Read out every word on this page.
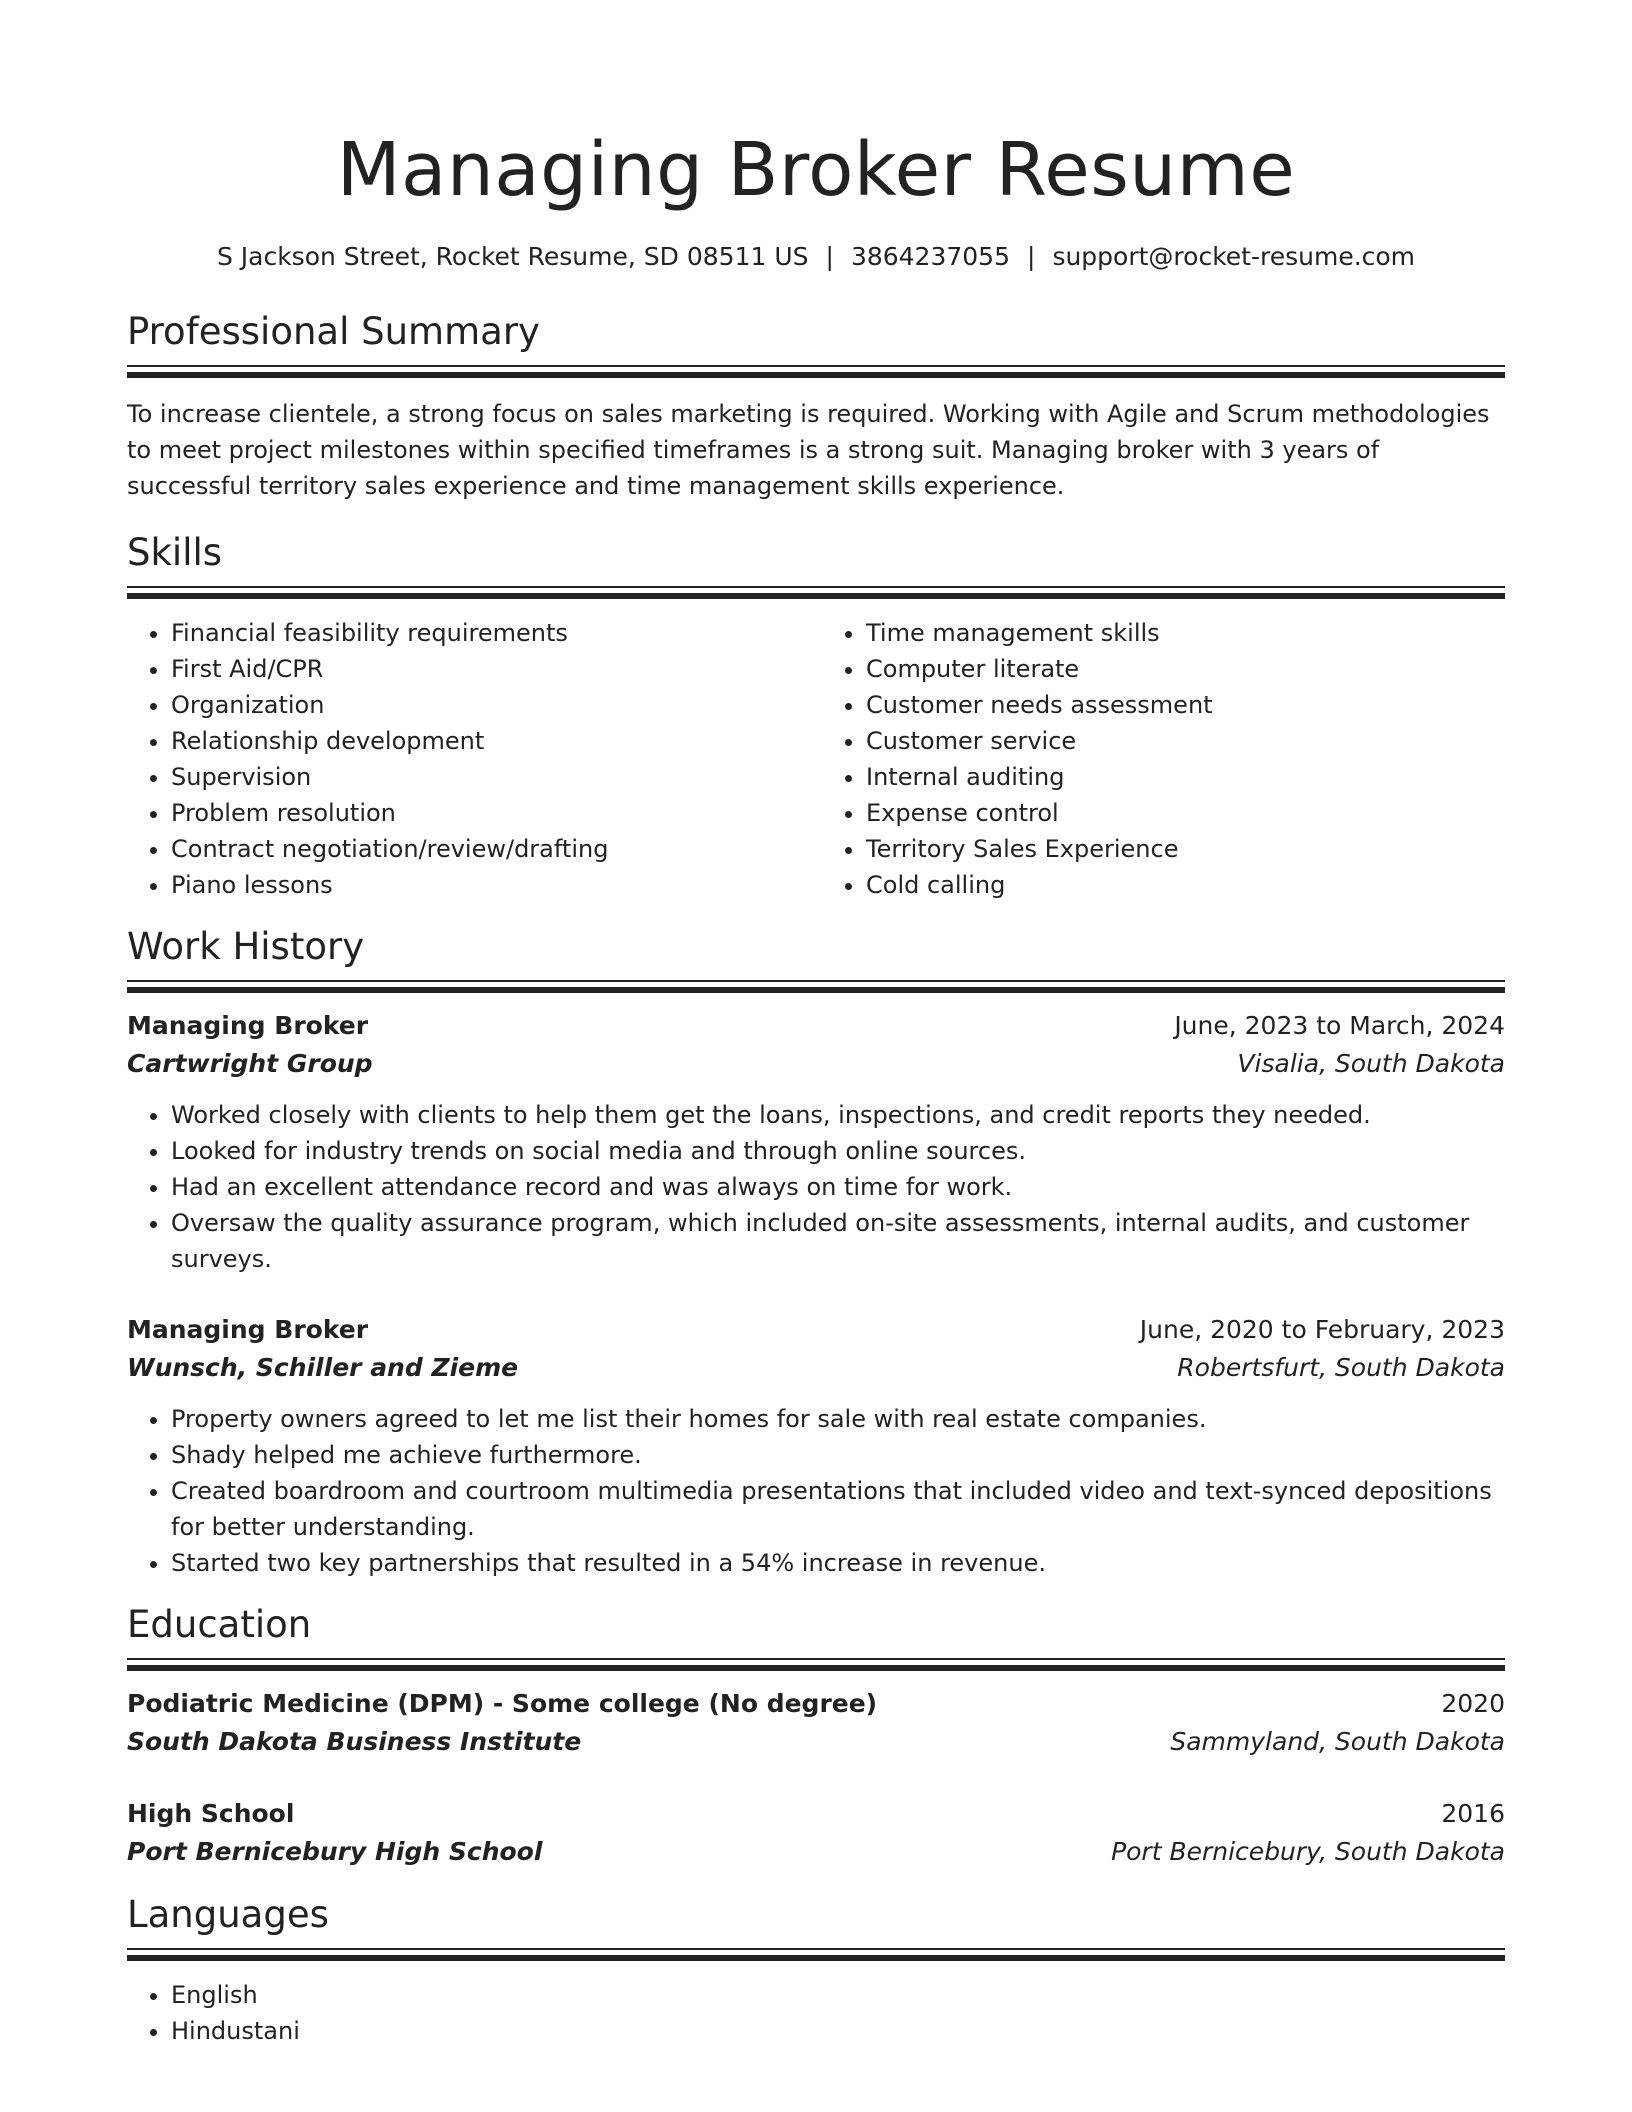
Managing Broker Resume
S Jackson Street, Rocket Resume, SD 08511 US | 3864237055 | support@rocket-resume.com
Professional Summary

To increase clientele, a strong focus on sales marketing is required. Working with Agile and Scrum methodologies to meet project milestones within specified timeframes is a strong suit. Managing broker with 3 years of successful territory sales experience and time management skills experience.

Skills
• Financial feasibility requirements
• First Aid/CPR
• Organization
• Relationship development
• Supervision
• Problem resolution
• Contract negotiation/review/drafting
• Piano lessons
• Time management skills
• Computer literate
• Customer needs assessment
• Customer service
• Internal auditing
• Expense control
• Territory Sales Experience
• Cold calling
Work History
Managing Broker	June, 2023 to March, 2024
Cartwright Group	Visalia, South Dakota
• Worked closely with clients to help them get the loans, inspections, and credit reports they needed.
• Looked for industry trends on social media and through online sources.
• Had an excellent attendance record and was always on time for work.
• Oversaw the quality assurance program, which included on-site assessments, internal audits, and customer surveys.
Managing Broker	June, 2020 to February, 2023
Wunsch, Schiller and Zieme	Robertsfurt, South Dakota
• Property owners agreed to let me list their homes for sale with real estate companies.
• Shady helped me achieve furthermore.
• Created boardroom and courtroom multimedia presentations that included video and text-synced depositions for better understanding.
• Started two key partnerships that resulted in a 54% increase in revenue.
Education
Podiatric Medicine (DPM) - Some college (No degree)	2020
South Dakota Business Institute	Sammyland, South Dakota
High School	2016
Port Bernicebury High School	Port Bernicebury, South Dakota
Languages
• English
• Hindustani
